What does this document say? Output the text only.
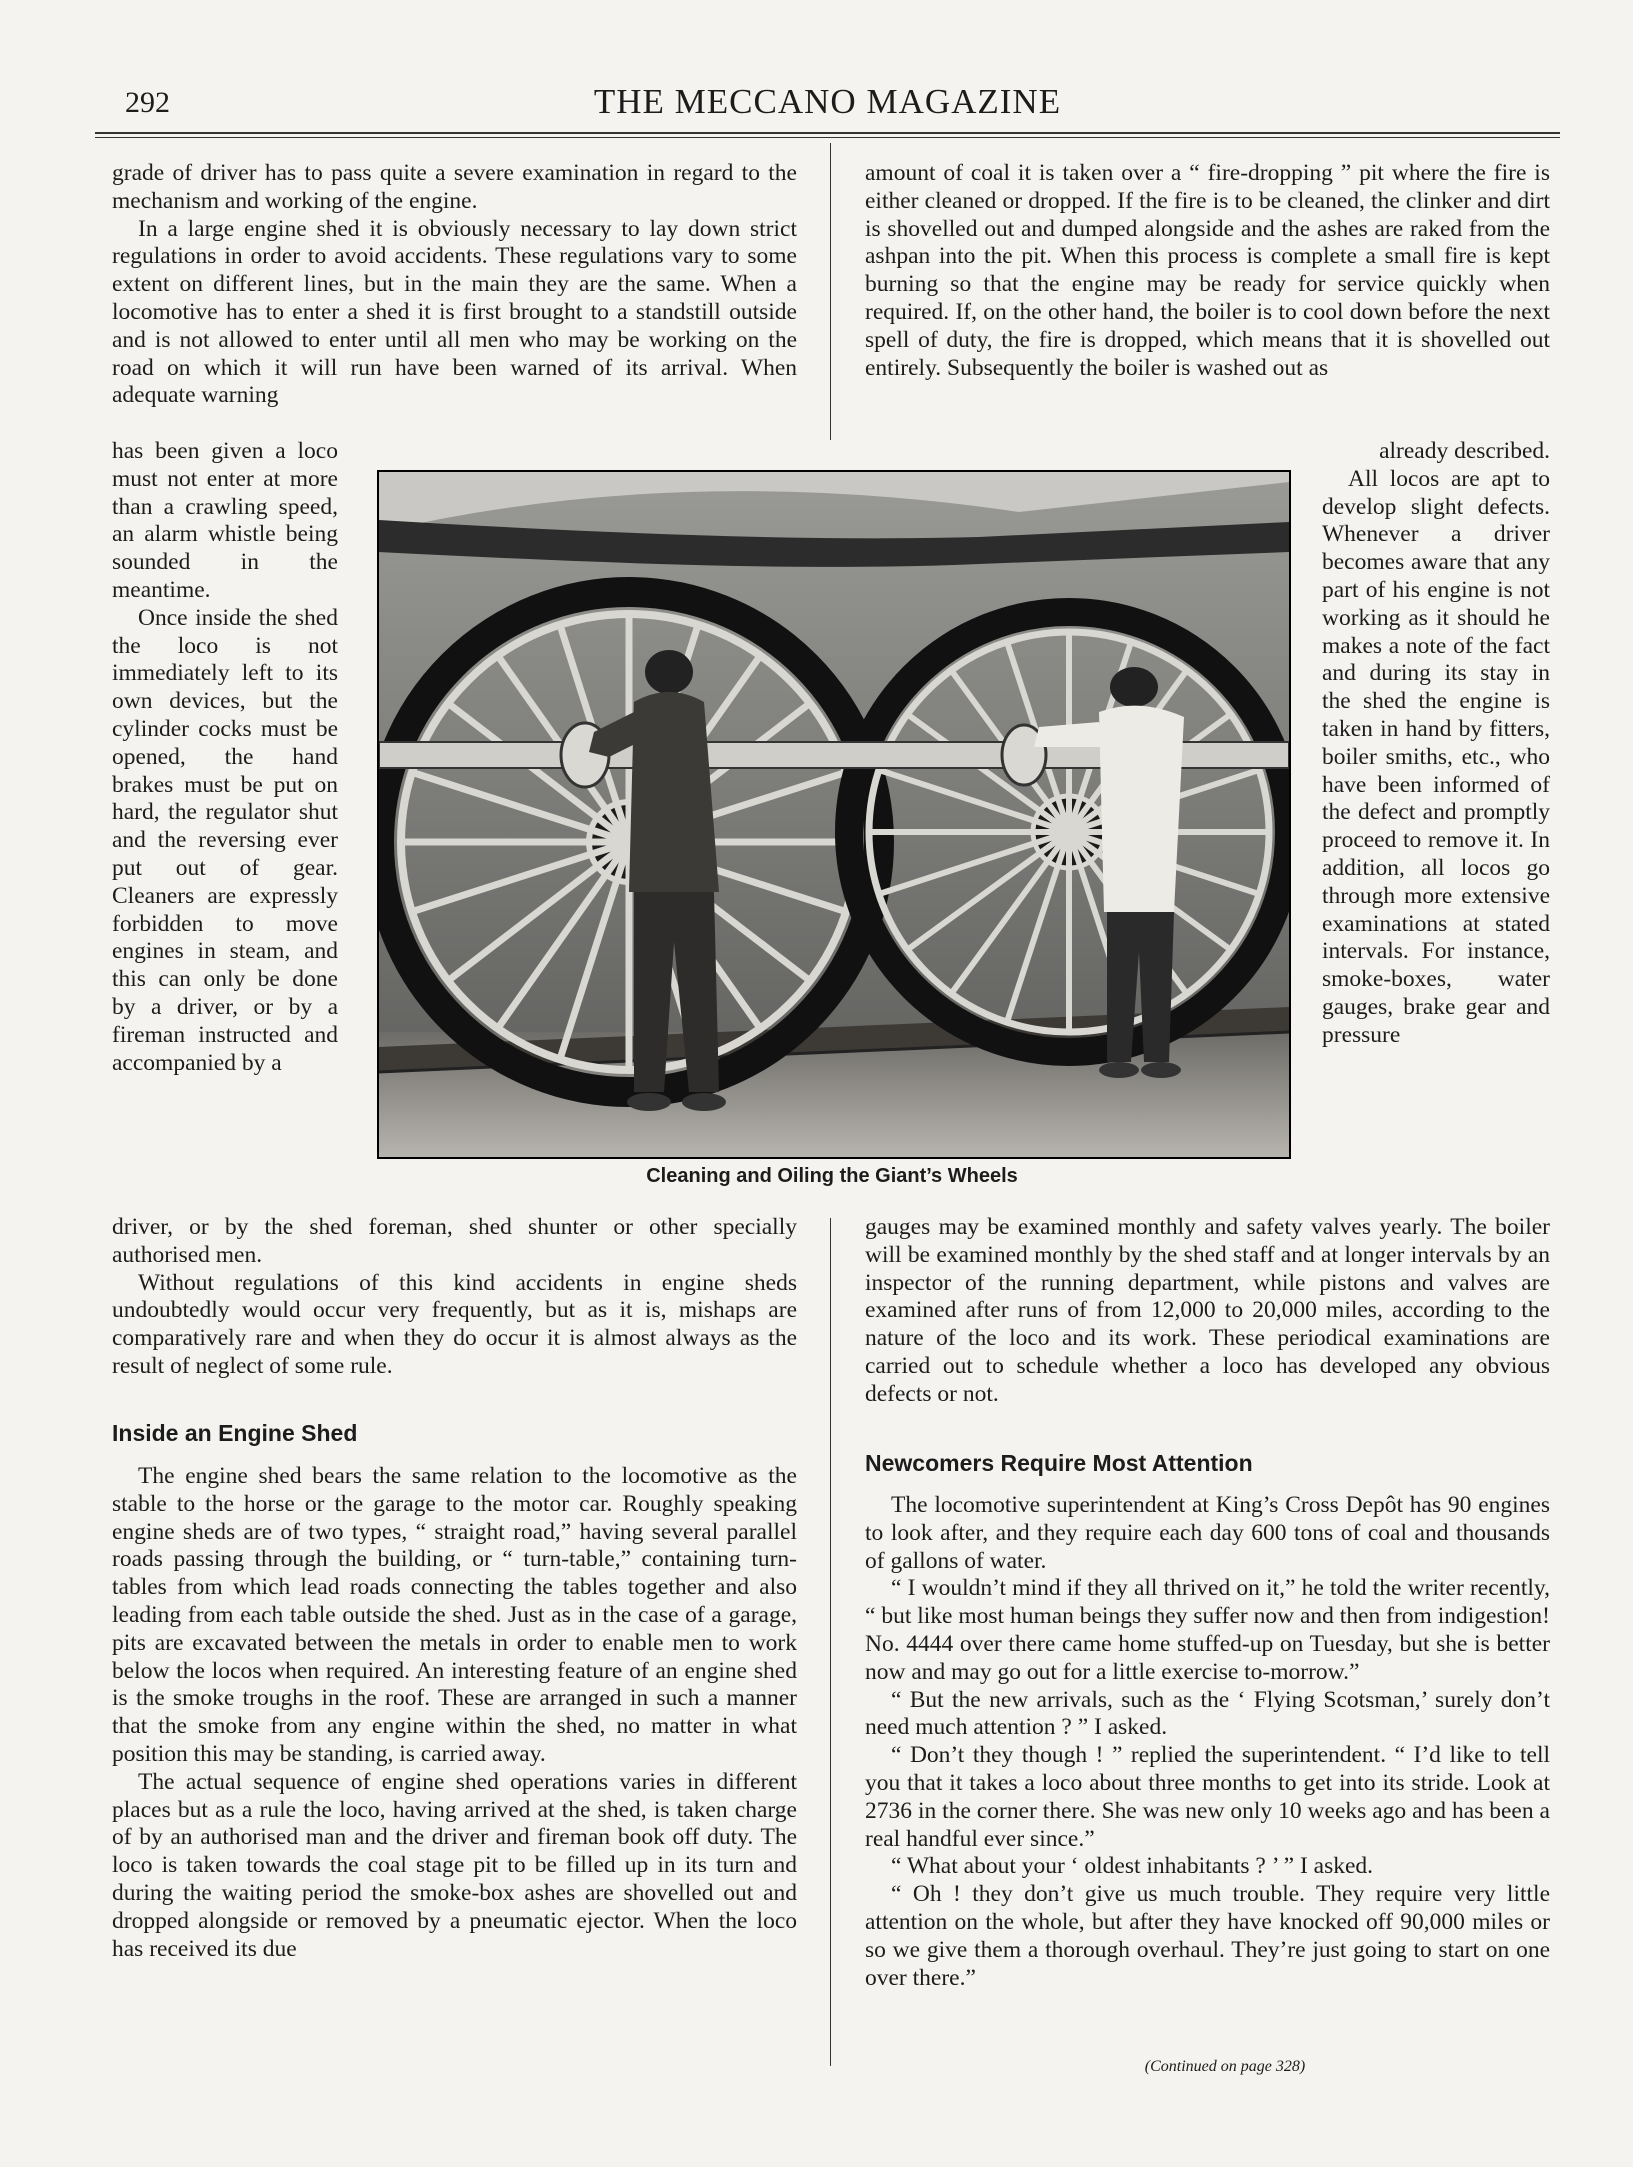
292	THE MECCANO MAGAZINE

grade of driver has to pass quite a severe examination in regard to the mechanism and working of the engine.

In a large engine shed it is obviously necessary to lay down strict regulations in order to avoid accidents. These regulations vary to some extent on different lines, but in the main they are the same. When a locomotive has to enter a shed it is first brought to a standstill outside and is not allowed to enter until all men who may be working on the road on which it will run have been warned of its arrival. When adequate warning

has been given a loco must not enter at more than a crawling speed, an alarm whistle being sounded in the meantime.

Once inside the shed the loco is not immediately left to its own devices, but the cylinder cocks must be opened, the hand brakes must be put on hard, the regulator shut and the reversing ever put out of gear. Cleaners are expressly forbidden to move engines in steam, and this can only be done by a driver, or by a fireman instructed and accompanied by a

driver, or by the shed foreman, shed shunter or other specially authorised men.

Without regulations of this kind accidents in engine sheds undoubtedly would occur very frequently, but as it is, mishaps are comparatively rare and when they do occur it is almost always as the result of neglect of some rule.

Inside an Engine Shed

The engine shed bears the same relation to the locomotive as the stable to the horse or the garage to the motor car. Roughly speaking engine sheds are of two types, “ straight road,” having several parallel roads passing through the building, or “ turn-table,” containing turn-tables from which lead roads connecting the tables together and also leading from each table outside the shed. Just as in the case of a garage, pits are excavated between the metals in order to enable men to work below the locos when required. An interesting feature of an engine shed is the smoke troughs in the roof. These are arranged in such a manner that the smoke from any engine within the shed, no matter in what position this may be standing, is carried away.

The actual sequence of engine shed operations varies in different places but as a rule the loco, having arrived at the shed, is taken charge of by an authorised man and the driver and fireman book off duty. The loco is taken towards the coal stage pit to be filled up in its turn and during the waiting period the smoke-box ashes are shovelled out and dropped alongside or removed by a pneumatic ejector. When the loco has received its due

amount of coal it is taken over a “ fire-dropping ” pit where the fire is either cleaned or dropped. If the fire is to be cleaned, the clinker and dirt is shovelled out and dumped alongside and the ashes are raked from the ashpan into the pit. When this process is complete a small fire is kept burning so that the engine may be ready for service quickly when required. If, on the other hand, the boiler is to cool down before the next spell of duty, the fire is dropped, which means that it is shovelled out entirely. Subsequently the boiler is washed out as

already described.

All locos are apt to develop slight defects. Whenever a driver becomes aware that any part of his engine is not working as it should he makes a note of the fact and during its stay in the shed the engine is taken in hand by fitters, boiler smiths, etc., who have been informed of the defect and promptly proceed to remove it. In addition, all locos go through more extensive examinations at stated intervals. For instance, smoke-boxes, water gauges, brake gear and pressure

gauges may be examined monthly and safety valves yearly. The boiler will be examined monthly by the shed staff and at longer intervals by an inspector of the running department, while pistons and valves are examined after runs of from 12,000 to 20,000 miles, according to the nature of the loco and its work. These periodical examinations are carried out to schedule whether a loco has developed any obvious defects or not.

Newcomers Require Most Attention

The locomotive superintendent at King’s Cross Depôt has 90 engines to look after, and they require each day 600 tons of coal and thousands of gallons of water.

“ I wouldn’t mind if they all thrived on it,” he told the writer recently, “ but like most human beings they suffer now and then from indigestion! No. 4444 over there came home stuffed-up on Tuesday, but she is better now and may go out for a little exercise to-morrow.”

“ But the new arrivals, such as the ‘ Flying Scotsman,’ surely don’t need much attention ? ” I asked.

“ Don’t they though ! ” replied the superintendent. “ I’d like to tell you that it takes a loco about three months to get into its stride. Look at 2736 in the corner there. She was new only 10 weeks ago and has been a real handful ever since.”

“ What about your ‘ oldest inhabitants ? ’ ” I asked.

“ Oh ! they don’t give us much trouble. They require very little attention on the whole, but after they have knocked off 90,000 miles or so we give them a thorough overhaul. They’re just going to start on one over there.”

(Continued on page 328)
Cleaning and Oiling the Giant’s Wheels
